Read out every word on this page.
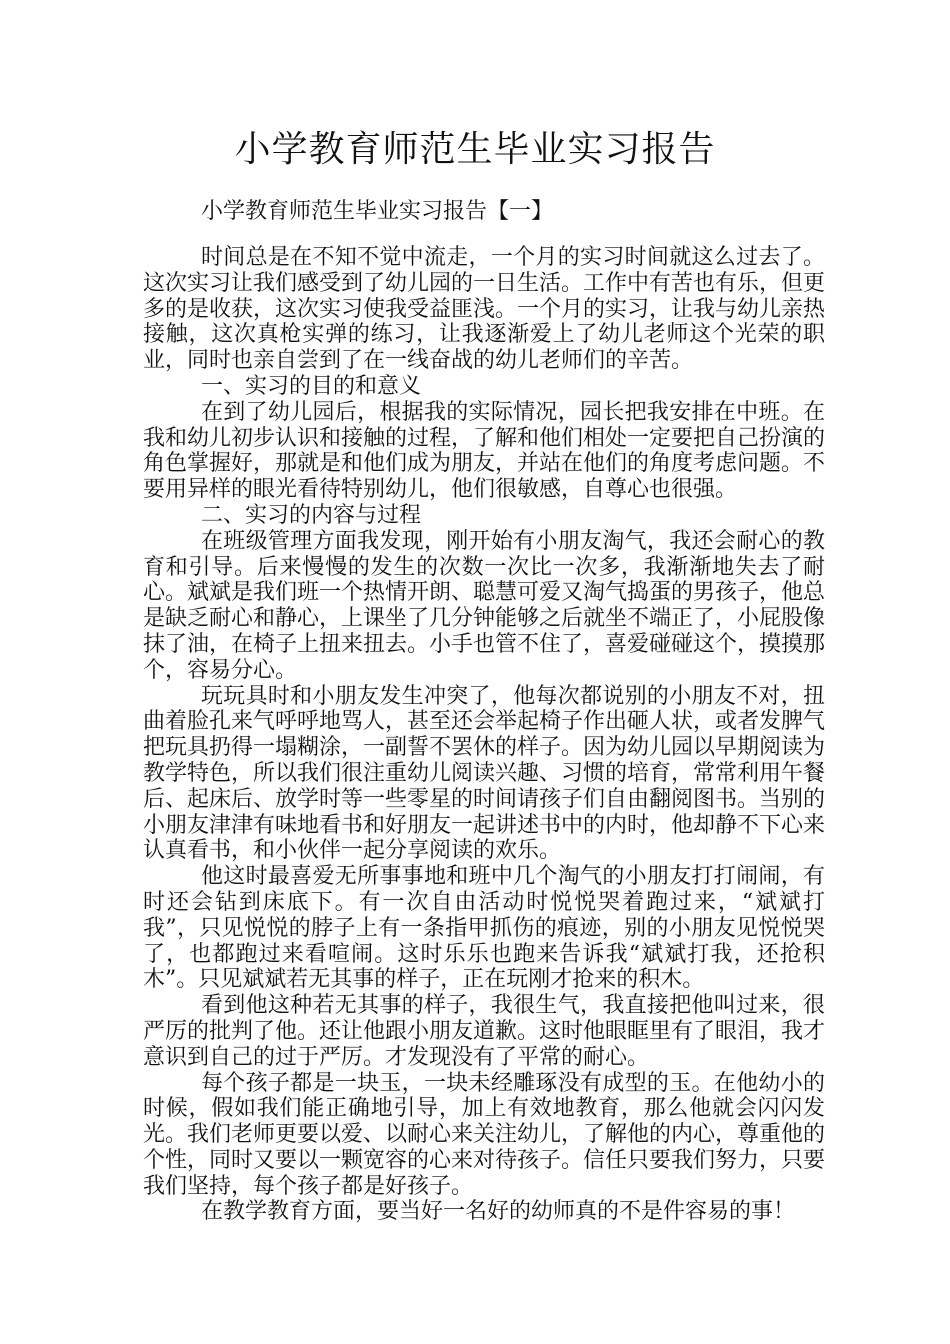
小学教育师范生毕业实习报告
小学教育师范生毕业实习报告【一】

时间总是在不知不觉中流走，一个月的实习时间就这么过去了。这次实习让我们感受到了幼儿园的一日生活。工作中有苦也有乐，但更多的是收获，这次实习使我受益匪浅。一个月的实习，让我与幼儿亲热接触，这次真枪实弹的练习，让我逐渐爱上了幼儿老师这个光荣的职业，同时也亲自尝到了在一线奋战的幼儿老师们的辛苦。

一、实习的目的和意义

在到了幼儿园后，根据我的实际情况，园长把我安排在中班。在我和幼儿初步认识和接触的过程，了解和他们相处一定要把自己扮演的角色掌握好，那就是和他们成为朋友，并站在他们的角度考虑问题。不要用异样的眼光看待特别幼儿，他们很敏感，自尊心也很强。

二、实习的内容与过程

在班级管理方面我发现，刚开始有小朋友淘气，我还会耐心的教育和引导。后来慢慢的发生的次数一次比一次多，我渐渐地失去了耐心。斌斌是我们班一个热情开朗、聪慧可爱又淘气捣蛋的男孩子，他总是缺乏耐心和静心，上课坐了几分钟能够之后就坐不端正了，小屁股像抹了油，在椅子上扭来扭去。小手也管不住了，喜爱碰碰这个，摸摸那个，容易分心。

玩玩具时和小朋友发生冲突了，他每次都说别的小朋友不对，扭曲着脸孔来气呼呼地骂人，甚至还会举起椅子作出砸人状，或者发脾气把玩具扔得一塌糊涂，一副誓不罢休的样子。因为幼儿园以早期阅读为教学特色，所以我们很注重幼儿阅读兴趣、习惯的培育，常常利用午餐后、起床后、放学时等一些零星的时间请孩子们自由翻阅图书。当别的小朋友津津有味地看书和好朋友一起讲述书中的内时，他却静不下心来认真看书，和小伙伴一起分享阅读的欢乐。

他这时最喜爱无所事事地和班中几个淘气的小朋友打打闹闹，有时还会钻到床底下。有一次自由活动时悦悦哭着跑过来，“斌斌打我”，只见悦悦的脖子上有一条指甲抓伤的痕迹，别的小朋友见悦悦哭了，也都跑过来看喧闹。这时乐乐也跑来告诉我“斌斌打我，还抢积木”。只见斌斌若无其事的样子，正在玩刚才抢来的积木。

看到他这种若无其事的样子，我很生气，我直接把他叫过来，很严厉的批判了他。还让他跟小朋友道歉。这时他眼眶里有了眼泪，我才意识到自己的过于严厉。才发现没有了平常的耐心。

每个孩子都是一块玉，一块未经雕琢没有成型的玉。在他幼小的时候，假如我们能正确地引导，加上有效地教育，那么他就会闪闪发光。我们老师更要以爱、以耐心来关注幼儿，了解他的内心，尊重他的个性，同时又要以一颗宽容的心来对待孩子。信任只要我们努力，只要我们坚持，每个孩子都是好孩子。

在教学教育方面，要当好一名好的幼师真的不是件容易的事！
